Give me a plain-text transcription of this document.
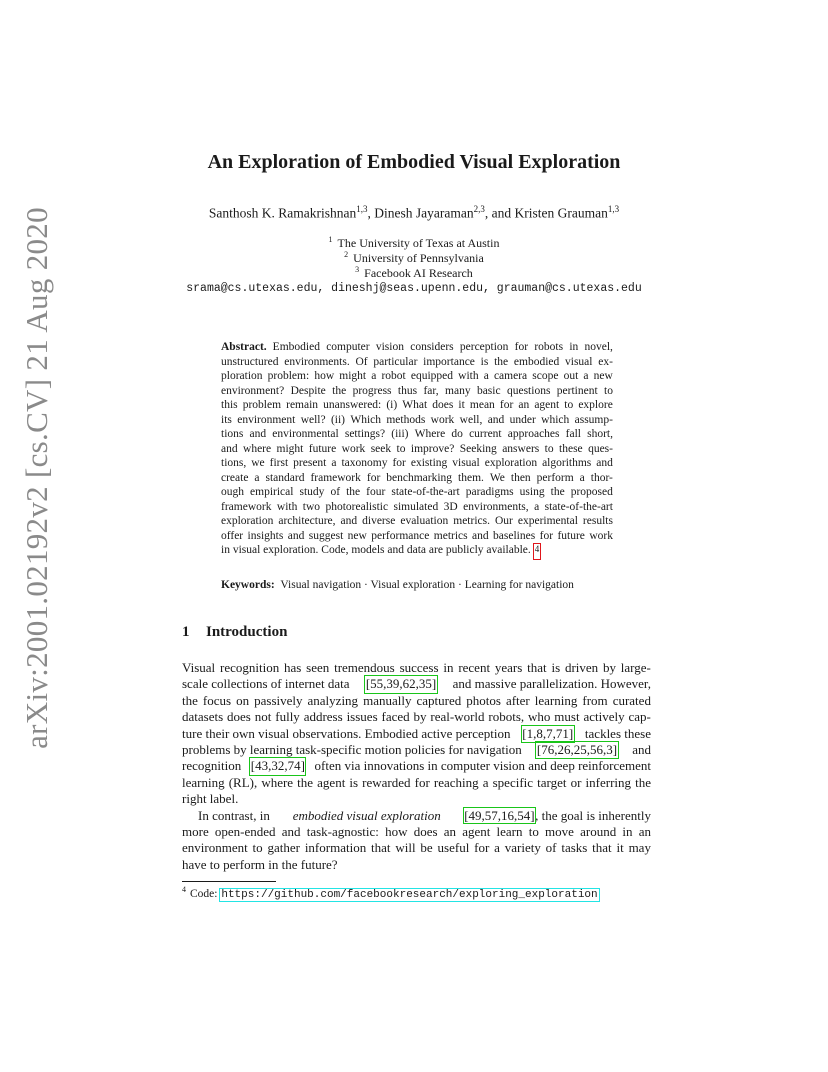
arXiv:2001.02192v2 [cs.CV] 21 Aug 2020
An Exploration of Embodied Visual Exploration
Santhosh K. Ramakrishnan$^{1,3}$, Dinesh Jayaraman$^{2,3}$, and Kristen Grauman$^{1,3}$
$^1$ The University of Texas at Austin
$^2$ University of Pennsylvania
$^3$ Facebook AI Research
srama@cs.utexas.edu, dineshj@seas.upenn.edu, grauman@cs.utexas.edu
Abstract. Embodied computer vision considers perception for robots in novel,
unstructured environments. Of particular importance is the embodied visual ex-
ploration problem: how might a robot equipped with a camera scope out a new
environment? Despite the progress thus far, many basic questions pertinent to
this problem remain unanswered: (i) What does it mean for an agent to explore
its environment well? (ii) Which methods work well, and under which assump-
tions and environmental settings? (iii) Where do current approaches fall short,
and where might future work seek to improve? Seeking answers to these ques-
tions, we first present a taxonomy for existing visual exploration algorithms and
create a standard framework for benchmarking them. We then perform a thor-
ough empirical study of the four state-of-the-art paradigms using the proposed
framework with two photorealistic simulated 3D environments, a state-of-the-art
exploration architecture, and diverse evaluation metrics. Our experimental results
offer insights and suggest new performance metrics and baselines for future work
in visual exploration. Code, models and data are publicly available. 4
Keywords: Visual navigation · Visual exploration · Learning for navigation
1 Introduction
Visual recognition has seen tremendous success in recent years that is driven by large-
scale collections of internet data [55,39,62,35] and massive parallelization. However,
the focus on passively analyzing manually captured photos after learning from curated
datasets does not fully address issues faced by real-world robots, who must actively cap-
ture their own visual observations. Embodied active perception [1,8,7,71] tackles these
problems by learning task-specific motion policies for navigation [76,26,25,56,3] and
recognition [43,32,74] often via innovations in computer vision and deep reinforcement
learning (RL), where the agent is rewarded for reaching a specific target or inferring the
right label.
In contrast, in embodied visual exploration [49,57,16,54], the goal is inherently
more open-ended and task-agnostic: how does an agent learn to move around in an
environment to gather information that will be useful for a variety of tasks that it may
have to perform in the future?
$^4$ Code: https://github.com/facebookresearch/exploring_exploration
